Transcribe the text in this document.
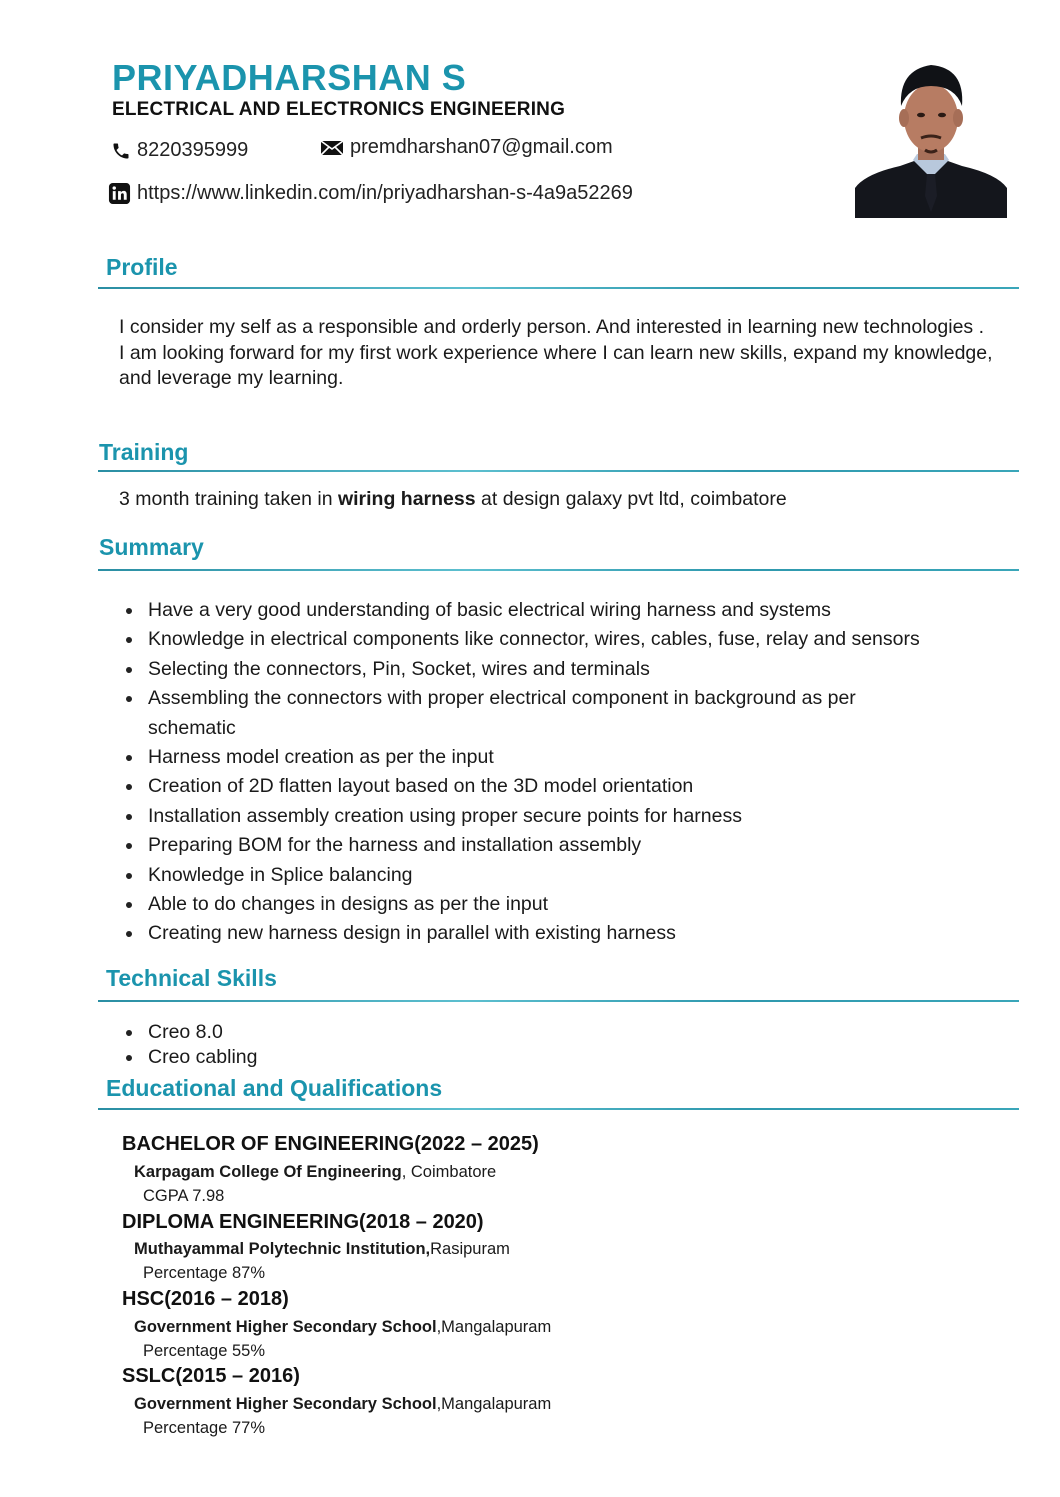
PRIYADHARSHAN S
ELECTRICAL AND ELECTRONICS ENGINEERING
8220395999	premdharshan07@gmail.com
https://www.linkedin.com/in/priyadharshan-s-4a9a52269
Profile
I consider my self as a responsible and orderly person. And interested in learning new technologies .
I am looking forward for my first work experience where I can learn new skills, expand my knowledge, and leverage my learning.
Training
3 month training taken in wiring harness at design galaxy pvt ltd, coimbatore
Summary
Have a very good understanding of basic electrical wiring harness and systems
Knowledge in electrical components like connector, wires, cables, fuse, relay and sensors
Selecting the connectors, Pin, Socket, wires and terminals
Assembling the connectors with proper electrical component in background as per schematic
Harness model creation as per the input
Creation of 2D flatten layout based on the 3D model orientation
Installation assembly creation using proper secure points for harness
Preparing BOM for the harness and installation assembly
Knowledge in Splice balancing
Able to do changes in designs as per the input
Creating new harness design in parallel with existing harness
Technical Skills
Creo 8.0
Creo cabling
Educational and Qualifications
BACHELOR OF ENGINEERING(2022 – 2025)
Karpagam College Of Engineering, Coimbatore
CGPA 7.98
DIPLOMA ENGINEERING(2018 – 2020)
Muthayammal Polytechnic Institution,Rasipuram
Percentage 87%
HSC(2016 – 2018)
Government Higher Secondary School,Mangalapuram
Percentage 55%
SSLC(2015 – 2016)
Government Higher Secondary School,Mangalapuram
Percentage 77%
